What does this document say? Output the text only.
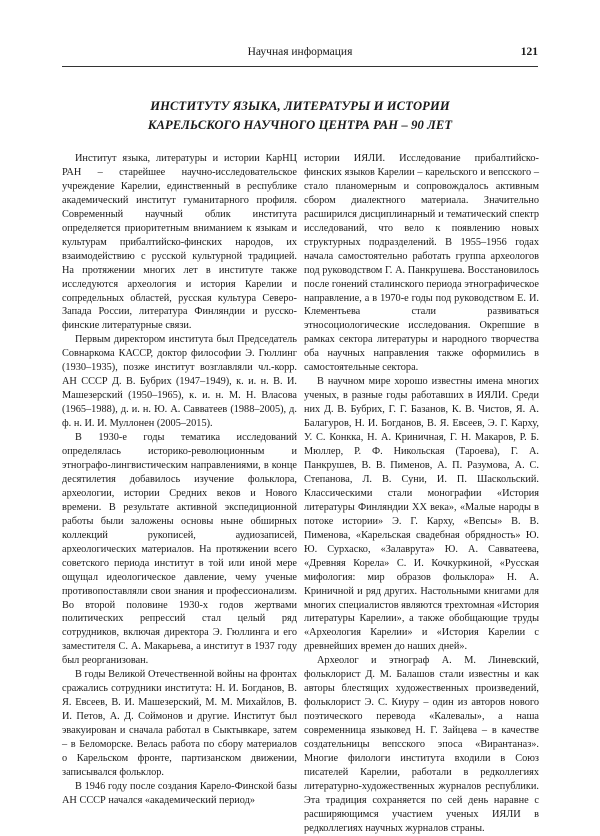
Научная информация	121
ИНСТИТУТУ ЯЗЫКА, ЛИТЕРАТУРЫ И ИСТОРИИ
КАРЕЛЬСКОГО НАУЧНОГО ЦЕНТРА РАН – 90 ЛЕТ

Институт языка, литературы и истории КарНЦ РАН – старейшее научно-исследовательское учреждение Карелии, единственный в республике академический институт гуманитарного профиля. Современный научный облик института определяется приоритетным вниманием к языкам и культурам прибалтийско-финских народов, их взаимодействию с русской культурной традицией. На протяжении многих лет в институте также исследуются археология и история Карелии и сопредельных областей, русская культура Северо-Запада России, литература Финляндии и русско-финские литературные связи.

Первым директором института был Председатель Совнаркома КАССР, доктор философии Э. Гюллинг (1930–1935), позже институт возглавляли чл.-корр. АН СССР Д. В. Бубрих (1947–1949), к. и. н. В. И. Машезерский (1950–1965), к. и. н. М. Н. Власова (1965–1988), д. и. н. Ю. А. Савватеев (1988–2005), д. ф. н. И. И. Муллонен (2005–2015).

В 1930-е годы тематика исследований определялась историко-революционным и этнографо-лингвистическим направлениями, в конце десятилетия добавилось изучение фольклора, археологии, истории Средних веков и Нового времени. В результате активной экспедиционной работы были заложены основы ныне обширных коллекций рукописей, аудиозаписей, археологических материалов. На протяжении всего советского периода институт в той или иной мере ощущал идеологическое давление, чему ученые противопоставляли свои знания и профессионализм. Во второй половине 1930-х годов жертвами политических репрессий стал целый ряд сотрудников, включая директора Э. Гюллинга и его заместителя С. А. Макарьева, а институт в 1937 году был реорганизован.

В годы Великой Отечественной войны на фронтах сражались сотрудники института: Н. И. Богданов, В. Я. Евсеев, В. И. Машезерский, М. М. Михайлов, В. И. Петов, А. Д. Соймонов и другие. Институт был эвакуирован и сначала работал в Сыктывкаре, затем – в Беломорске. Велась работа по сбору материалов о Карельском фронте, партизанском движении, записывался фольклор.

В 1946 году после создания Карело-Финской базы АН СССР начался «академический период»

истории ИЯЛИ. Исследование прибалтийско-финских языков Карелии – карельского и вепсского – стало планомерным и сопровождалось активным сбором диалектного материала. Значительно расширился дисциплинарный и тематический спектр исследований, что вело к появлению новых структурных подразделений. В 1955–1956 годах начала самостоятельно работать группа археологов под руководством Г. А. Панкрушева. Восстановилось после гонений сталинского периода этнографическое направление, а в 1970-е годы под руководством Е. И. Клементьева стали развиваться этносоциологические исследования. Окрепшие в рамках сектора литературы и народного творчества оба научных направления также оформились в самостоятельные сектора.

В научном мире хорошо известны имена многих ученых, в разные годы работавших в ИЯЛИ. Среди них Д. В. Бубрих, Г. Г. Базанов, К. В. Чистов, Я. А. Балагуров, Н. И. Богданов, В. Я. Евсеев, Э. Г. Карху, У. С. Конкка, Н. А. Криничная, Г. Н. Макаров, Р. Б. Мюллер, Р. Ф. Никольская (Тароева), Г. А. Панкрушев, В. В. Пименов, А. П. Разумова, А. С. Степанова, Л. В. Суни, И. П. Шаскольский. Классическими стали монографии «История литературы Финляндии XX века», «Малые народы в потоке истории» Э. Г. Карху, «Вепсы» В. В. Пименова, «Карельская свадебная обрядность» Ю. Ю. Сурхаско, «Залаврута» Ю. А. Савватеева, «Древняя Корела» С. И. Кочкуркиной, «Русская мифология: мир образов фольклора» Н. А. Криничной и ряд других. Настольными книгами для многих специалистов являются трехтомная «История литературы Карелии», а также обобщающие труды «Археология Карелии» и «История Карелии с древнейших времен до наших дней».

Археолог и этнограф А. М. Линевский, фольклорист Д. М. Балашов стали известны и как авторы блестящих художественных произведений, фольклорист Э. С. Киуру – один из авторов нового поэтического перевода «Калевалы», а наша современница языковед Н. Г. Зайцева – в качестве создательницы вепсского эпоса «Вирантаназ». Многие филологи института входили в Союз писателей Карелии, работали в редколлегиях литературно-художественных журналов республики. Эта традиция сохраняется по сей день наравне с расширяющимся участием ученых ИЯЛИ в редколлегиях научных журналов страны.
